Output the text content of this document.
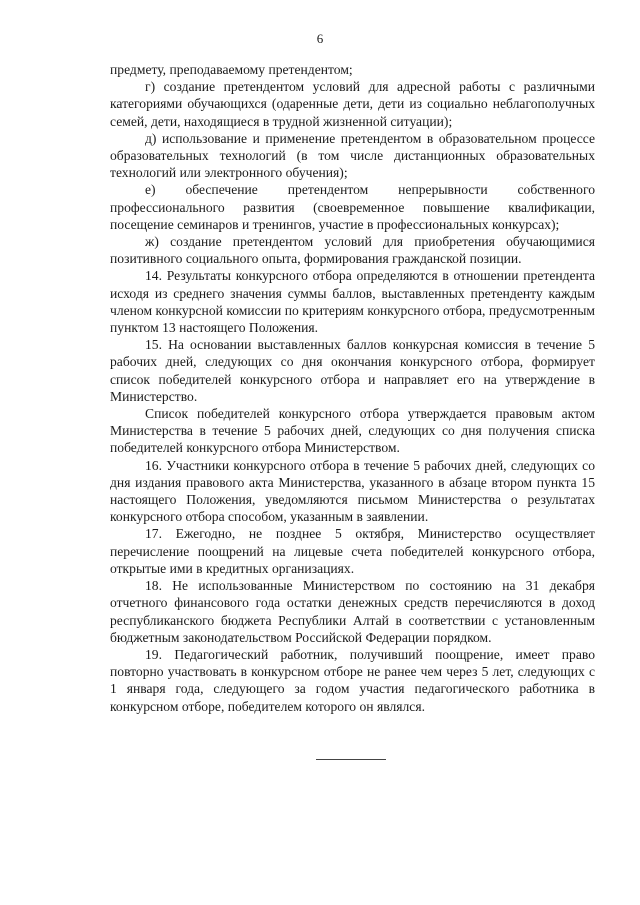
6

предмету, преподаваемому претендентом;

г) создание претендентом условий для адресной работы с различными категориями обучающихся (одаренные дети, дети из социально неблагополучных семей, дети, находящиеся в трудной жизненной ситуации);

д) использование и применение претендентом в образовательном процессе образовательных технологий (в том числе дистанционных образовательных технологий или электронного обучения);

е) обеспечение претендентом непрерывности собственного профессионального развития (своевременное повышение квалификации, посещение семинаров и тренингов, участие в профессиональных конкурсах);

ж) создание претендентом условий для приобретения обучающимися позитивного социального опыта, формирования гражданской позиции.

14. Результаты конкурсного отбора определяются в отношении претендента исходя из среднего значения суммы баллов, выставленных претенденту каждым членом конкурсной комиссии по критериям конкурсного отбора, предусмотренным пунктом 13 настоящего Положения.

15. На основании выставленных баллов конкурсная комиссия в течение 5 рабочих дней, следующих со дня окончания конкурсного отбора, формирует список победителей конкурсного отбора и направляет его на утверждение в Министерство.

Список победителей конкурсного отбора утверждается правовым актом Министерства в течение 5 рабочих дней, следующих со дня получения списка победителей конкурсного отбора Министерством.

16. Участники конкурсного отбора в течение 5 рабочих дней, следующих со дня издания правового акта Министерства, указанного в абзаце втором пункта 15 настоящего Положения, уведомляются письмом Министерства о результатах конкурсного отбора способом, указанным в заявлении.

17. Ежегодно, не позднее 5 октября, Министерство осуществляет перечисление поощрений на лицевые счета победителей конкурсного отбора, открытые ими в кредитных организациях.

18. Не использованные Министерством по состоянию на 31 декабря отчетного финансового года остатки денежных средств перечисляются в доход республиканского бюджета Республики Алтай в соответствии с установленным бюджетным законодательством Российской Федерации порядком.

19. Педагогический работник, получивший поощрение, имеет право повторно участвовать в конкурсном отборе не ранее чем через 5 лет, следующих с 1 января года, следующего за годом участия педагогического работника в конкурсном отборе, победителем которого он являлся.
